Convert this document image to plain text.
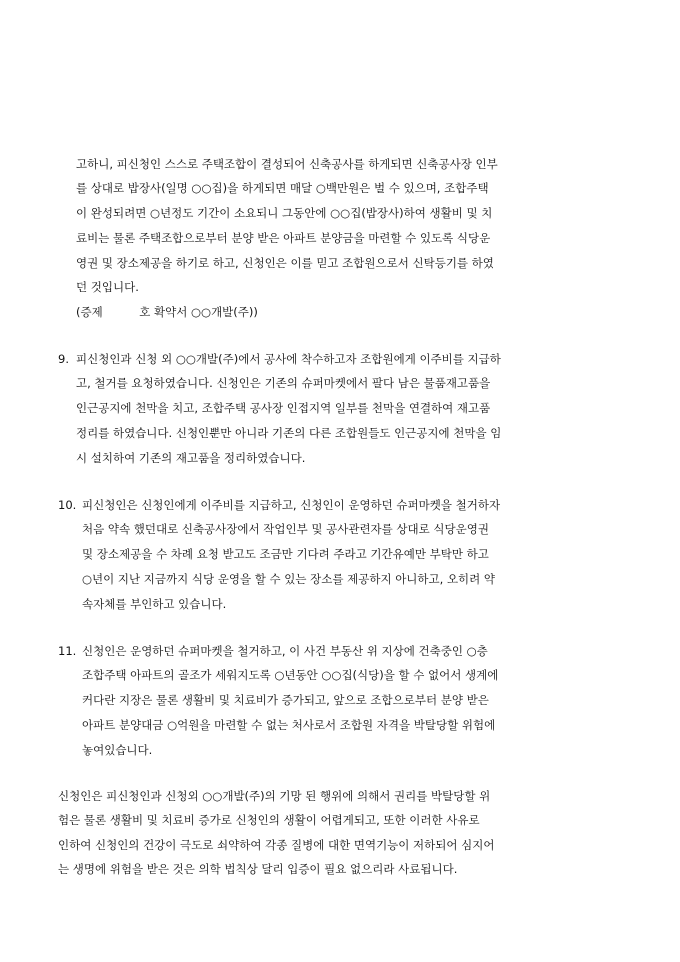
고하니, 피신청인 스스로 주택조합이 결성되어 신축공사를 하게되면 신축공사장 인부
를 상대로 밥장사(일명 ○○집)을 하게되면 매달 ○백만원은 벌 수 있으며, 조합주택
이 완성되려면 ○년정도 기간이 소요되니 그동안에 ○○집(밥장사)하여 생활비 및 치
료비는 물론 주택조합으로부터 분양 받은 아파트 분양금을 마련할 수 있도록 식당운
영권 및 장소제공을 하기로 하고, 신청인은 이를 믿고 조합원으로서 신탁등기를 하였
던 것입니다.
(증제          호 확약서 ○○개발(주))
9. 피신청인과 신청 외 ○○개발(주)에서 공사에 착수하고자 조합원에게 이주비를 지급하
고, 철거를 요청하였습니다. 신청인은 기존의 슈퍼마켓에서 팔다 남은 물품재고품을
인근공지에 천막을 치고, 조합주택 공사장 인접지역 일부를 천막을 연결하여 재고품
정리를 하였습니다. 신청인뿐만 아니라 기존의 다른 조합원들도 인근공지에 천막을 임
시 설치하여 기존의 재고품을 정리하였습니다.
10. 피신청인은 신청인에게 이주비를 지급하고, 신청인이 운영하던 슈퍼마켓을 철거하자
처음 약속 했던대로 신축공사장에서 작업인부 및 공사관련자를 상대로 식당운영권
및 장소제공을 수 차례 요청 받고도 조금만 기다려 주라고 기간유예만 부탁만 하고
○년이 지난 지금까지 식당 운영을 할 수 있는 장소를 제공하지 아니하고, 오히려 약
속자체를 부인하고 있습니다.
11. 신청인은 운영하던 슈퍼마켓을 철거하고, 이 사건 부동산 위 지상에 건축중인 ○층
조합주택 아파트의 골조가 세워지도록 ○년동안 ○○집(식당)을 할 수 없어서 생계에
커다란 지장은 물론 생활비 및 치료비가 증가되고, 앞으로 조합으로부터 분양 받은
아파트 분양대금 ○억원을 마련할 수 없는 처사로서 조합원 자격을 박탈당할 위험에
놓여있습니다.
신청인은 피신청인과 신청외 ○○개발(주)의 기망 된 행위에 의해서 권리를 박탈당할 위
험은 물론 생활비 및 치료비 증가로 신청인의 생활이 어렵게되고, 또한 이러한 사유로
인하여 신청인의 건강이 극도로 쇠약하여 각종 질병에 대한 면역기능이 저하되어 심지어
는 생명에 위험을 받은 것은 의학 법칙상 달리 입증이 필요 없으리라 사료됩니다.
